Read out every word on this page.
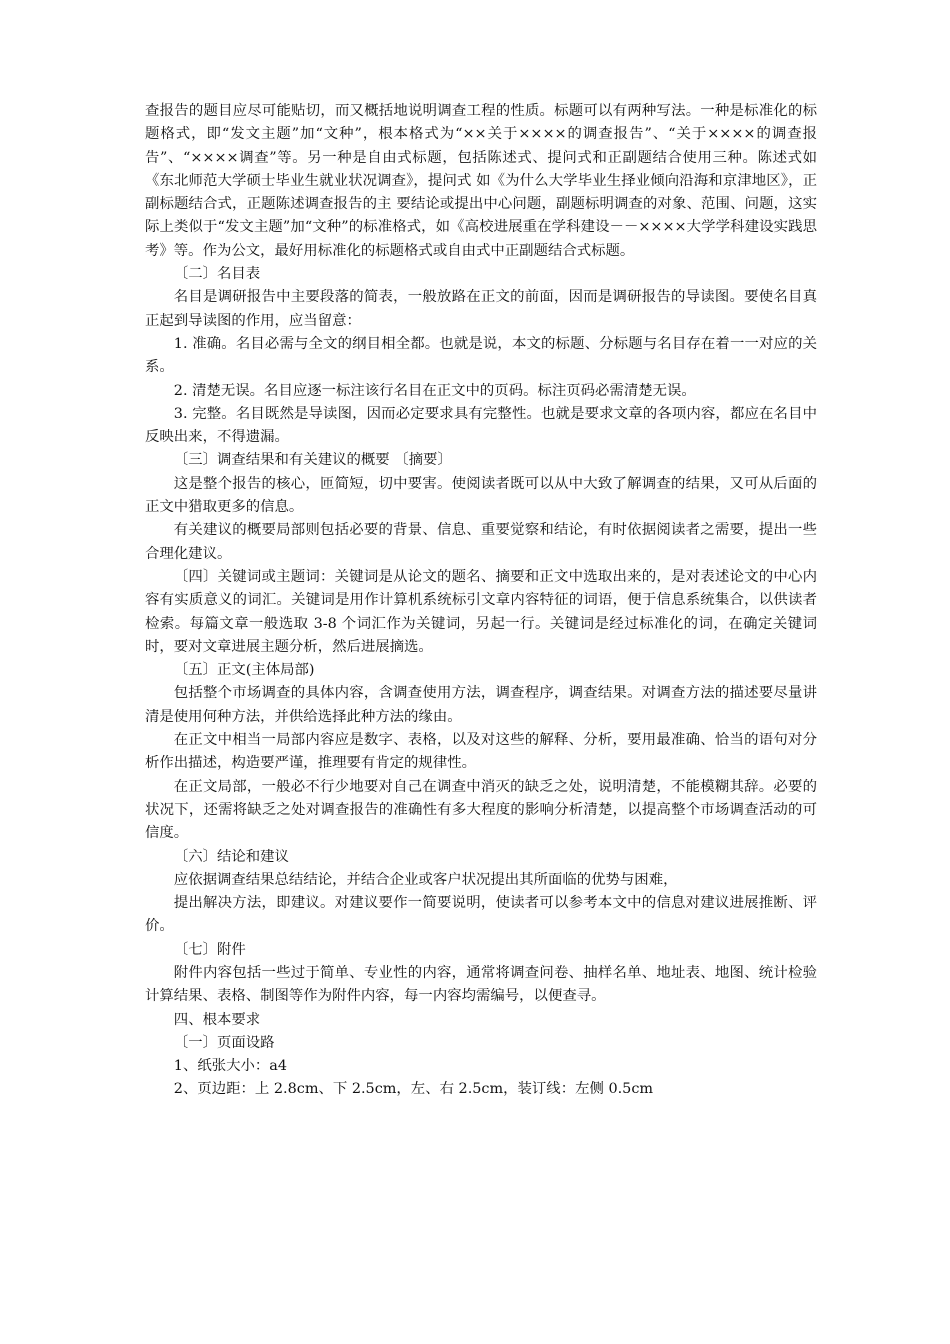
查报告的题目应尽可能贴切，而又概括地说明调查工程的性质。标题可以有两种写法。一种是标准化的标题格式，即“发文主题”加“文种”，根本格式为“××关于××××的调查报告”、“关于××××的调查报告”、“××××调查”等。另一种是自由式标题，包括陈述式、提问式和正副题结合使用三种。陈述式如《东北师范大学硕士毕业生就业状况调查》，提问式 如《为什么大学毕业生择业倾向沿海和京津地区》，正副标题结合式，正题陈述调查报告的主 要结论或提出中心问题，副题标明调查的对象、范围、问题，这实际上类似于“发文主题”加“文种”的标准格式，如《高校进展重在学科建设－－××××大学学科建设实践思考》等。作为公文，最好用标准化的标题格式或自由式中正副题结合式标题。

〔二〕名目表

名目是调研报告中主要段落的简表，一般放路在正文的前面，因而是调研报告的导读图。要使名目真正起到导读图的作用，应当留意：

1. 准确。名目必需与全文的纲目相全都。也就是说，本文的标题、分标题与名目存在着一一对应的关系。

2. 清楚无误。名目应逐一标注该行名目在正文中的页码。标注页码必需清楚无误。

3. 完整。名目既然是导读图，因而必定要求具有完整性。也就是要求文章的各项内容，都应在名目中反映出来，不得遗漏。

〔三〕调查结果和有关建议的概要 〔摘要〕

这是整个报告的核心，匝简短，切中要害。使阅读者既可以从中大致了解调查的结果，又可从后面的正文中猎取更多的信息。

有关建议的概要局部则包括必要的背景、信息、重要觉察和结论，有时依据阅读者之需要，提出一些合理化建议。

〔四〕关键词或主题词：关键词是从论文的题名、摘要和正文中选取出来的，是对表述论文的中心内容有实质意义的词汇。关键词是用作计算机系统标引文章内容特征的词语，便于信息系统集合，以供读者检索。每篇文章一般选取 3-8 个词汇作为关键词，另起一行。关键词是经过标准化的词，在确定关键词时，要对文章进展主题分析，然后进展摘选。

〔五〕正文(主体局部)

包括整个市场调查的具体内容，含调查使用方法，调查程序，调查结果。对调查方法的描述要尽量讲清是使用何种方法，并供给选择此种方法的缘由。

在正文中相当一局部内容应是数字、表格，以及对这些的解释、分析，要用最准确、恰当的语句对分析作出描述，构造要严谨，推理要有肯定的规律性。

在正文局部，一般必不行少地要对自己在调查中消灭的缺乏之处，说明清楚，不能模糊其辞。必要的状况下，还需将缺乏之处对调查报告的准确性有多大程度的影响分析清楚，以提高整个市场调查活动的可信度。

〔六〕结论和建议

应依据调查结果总结结论，并结合企业或客户状况提出其所面临的优势与困难，

提出解决方法，即建议。对建议要作一简要说明，使读者可以参考本文中的信息对建议进展推断、评价。

〔七〕附件

附件内容包括一些过于简单、专业性的内容，通常将调查问卷、抽样名单、地址表、地图、统计检验计算结果、表格、制图等作为附件内容，每一内容均需编号，以便查寻。

四、根本要求

〔一〕页面设路

1、纸张大小：a4

2、页边距：上 2.8cm、下 2.5cm，左、右 2.5cm，装订线：左侧 0.5cm
